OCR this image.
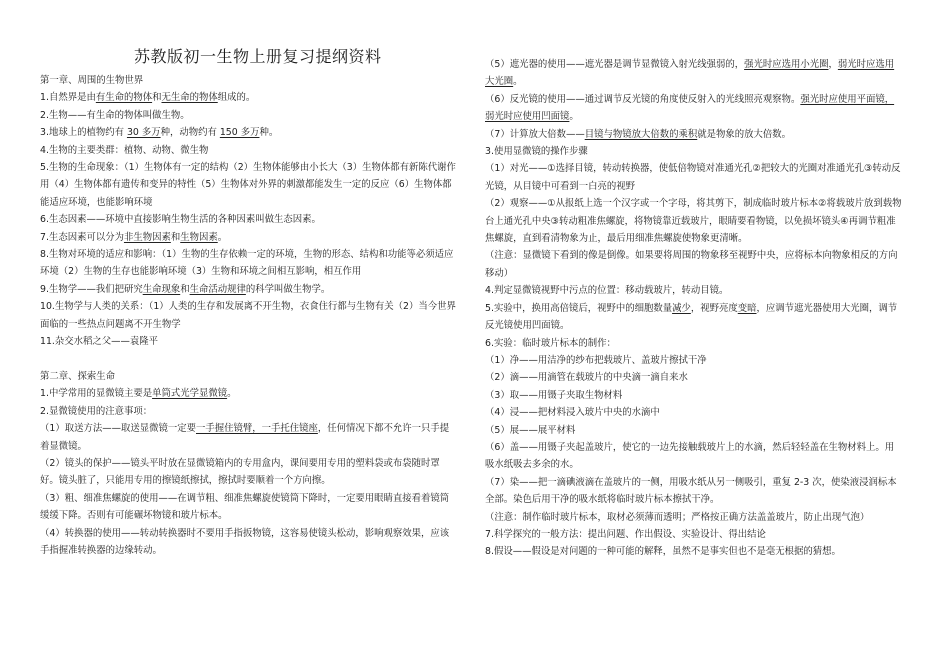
苏教版初一生物上册复习提纲资料

第一章、周围的生物世界

1.自然界是由有生命的物体和无生命的物体组成的。

2.生物——有生命的物体叫做生物。

3.地球上的植物约有 30 多万种，动物约有 150 多万种。

4.生物的主要类群：植物、动物、微生物

5.生物的生命现象：（1）生物体有一定的结构（2）生物体能够由小长大（3）生物体都有新陈代谢作用（4）生物体都有遗传和变异的特性（5）生物体对外界的刺激都能发生一定的反应（6）生物体都能适应环境，也能影响环境

6.生态因素——环境中直接影响生物生活的各种因素叫做生态因素。

7.生态因素可以分为非生物因素和生物因素。

8.生物对环境的适应和影响：（1）生物的生存依赖一定的环境，生物的形态、结构和功能等必须适应环境（2）生物的生存也能影响环境（3）生物和环境之间相互影响，相互作用

9.生物学——我们把研究生命现象和生命活动规律的科学叫做生物学。

10.生物学与人类的关系：（1）人类的生存和发展离不开生物，衣食住行都与生物有关（2）当今世界面临的一些热点问题离不开生物学

11.杂交水稻之父——袁隆平

第二章、探索生命

1.中学常用的显微镜主要是单筒式光学显微镜。

2.显微镜使用的注意事项：

（1）取送方法——取送显微镜一定要一手握住镜臂，一手托住镜座，任何情况下都不允许一只手提着显微镜。

（2）镜头的保护——镜头平时放在显微镜箱内的专用盒内，课间要用专用的塑料袋或布袋随时罩好。镜头脏了，只能用专用的擦镜纸擦拭，擦拭时要顺着一个方向擦。

（3）粗、细准焦螺旋的使用——在调节粗、细准焦螺旋使镜筒下降时，一定要用眼睛直接看着镜筒缓缓下降。否则有可能碾坏物镜和玻片标本。

（4）转换器的使用——转动转换器时不要用手指扳物镜，这容易使镜头松动，影响观察效果，应该手指握准转换器的边缘转动。

（5）遮光器的使用——遮光器是调节显微镜入射光线强弱的，强光时应选用小光圈，弱光时应选用大光圈。

（6）反光镜的使用——通过调节反光镜的角度使反射入的光线照亮观察物。强光时应使用平面镜，弱光时应使用凹面镜。

（7）计算放大倍数——目镜与物镜放大倍数的乘积就是物象的放大倍数。

3.使用显微镜的操作步骤

（1）对光——①选择目镜，转动转换器，使低倍物镜对准通光孔②把较大的光圈对准通光孔③转动反光镜，从目镜中可看到一白亮的视野

（2）观察——①从报纸上选一个汉字或一个字母，将其剪下，制成临时玻片标本②将载玻片放到载物台上通光孔中央③转动粗准焦螺旋，将物镜靠近载玻片，眼睛要看物镜，以免损坏镜头④再调节粗准焦螺旋，直到看清物象为止，最后用细准焦螺旋使物象更清晰。

（注意：显微镜下看到的像是倒像。如果要将周围的物象移至视野中央，应将标本向物象相反的方向移动）

4.判定显微镜视野中污点的位置：移动载玻片，转动目镜。

5.实验中，换用高倍镜后，视野中的细胞数量减少，视野亮度变暗，应调节遮光器使用大光圈，调节反光镜使用凹面镜。

6.实验：临时玻片标本的制作：

（1）净——用洁净的纱布把载玻片、盖玻片擦拭干净

（2）滴——用滴管在载玻片的中央滴一滴自来水

（3）取——用镊子夹取生物材料

（4）浸——把材料浸入玻片中央的水滴中

（5）展——展平材料

（6）盖——用镊子夹起盖玻片，使它的一边先接触载玻片上的水滴，然后轻轻盖在生物材料上。用吸水纸吸去多余的水。

（7）染——把一滴碘液滴在盖玻片的一侧，用吸水纸从另一侧吸引，重复 2-3 次，使染液浸润标本全部。染色后用干净的吸水纸将临时玻片标本擦拭干净。

（注意：制作临时玻片标本，取材必须薄而透明；严格按正确方法盖盖玻片，防止出现气泡）

7.科学探究的一般方法：提出问题、作出假设、实验设计、得出结论

8.假设——假设是对问题的一种可能的解释，虽然不是事实但也不是毫无根据的猜想。
